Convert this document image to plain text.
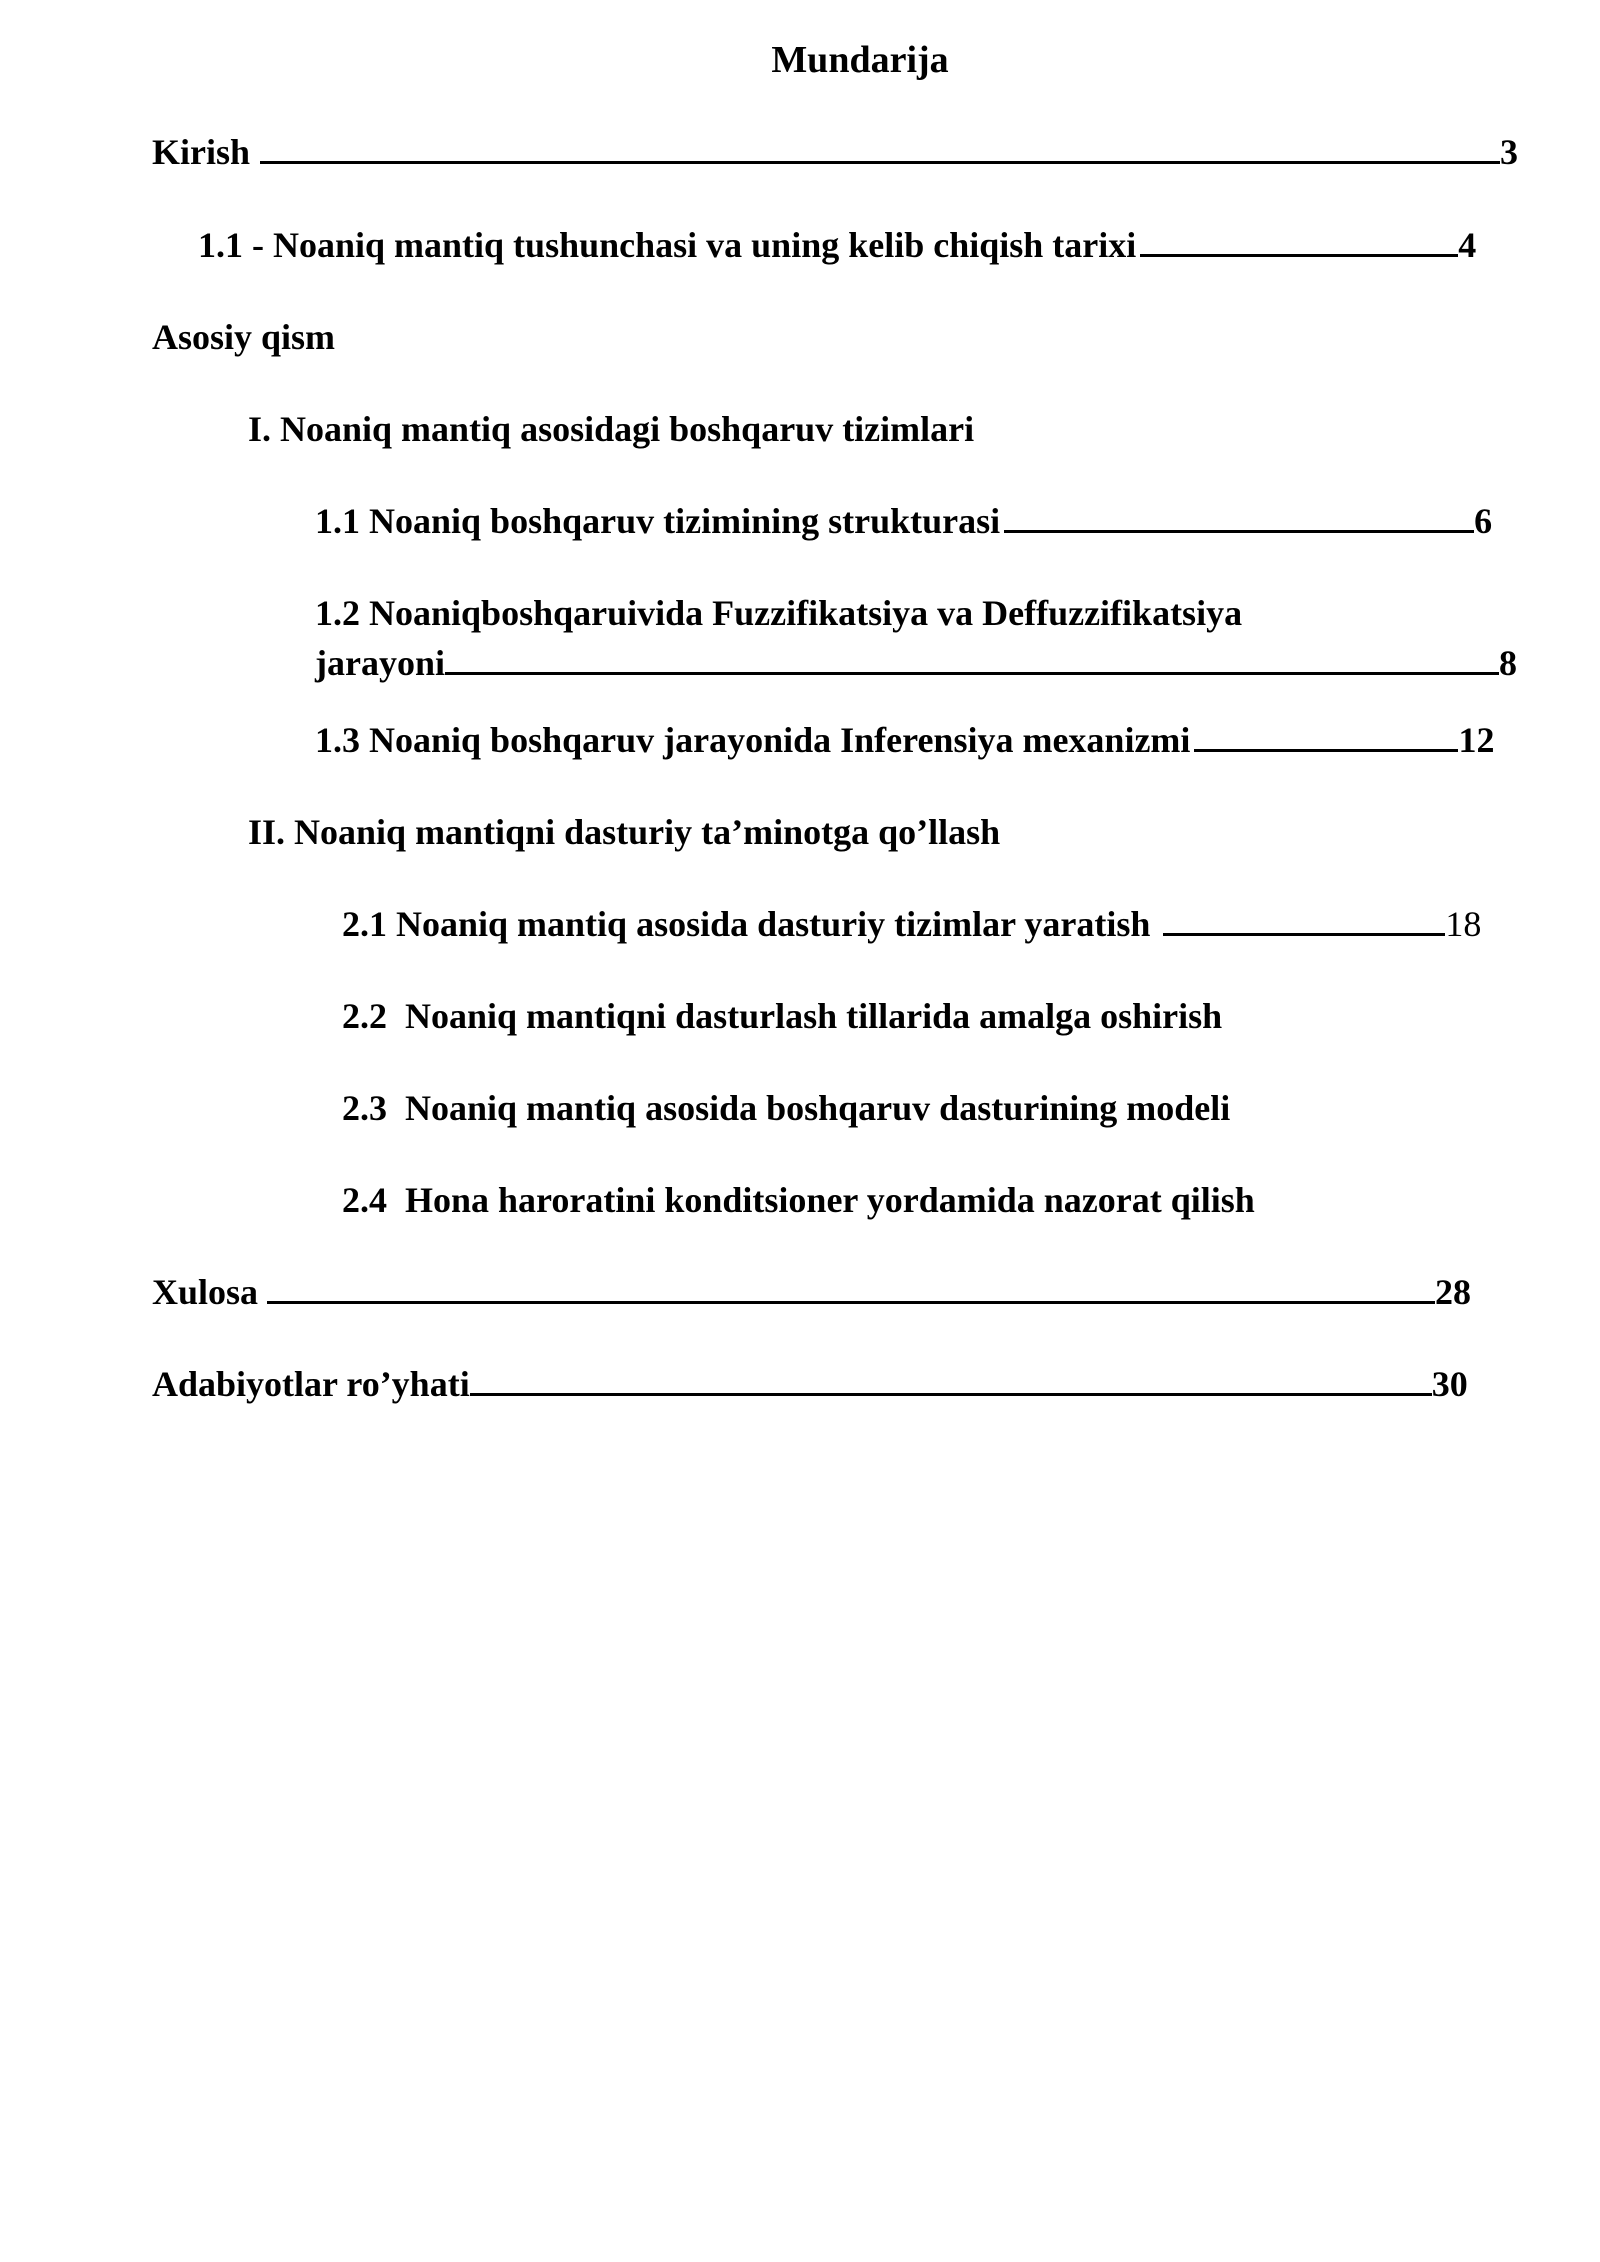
Mundarija
Kirish	3
1.1 - Noaniq mantiq tushunchasi va uning kelib chiqish tarixi	4
Asosiy qism
I. Noaniq mantiq asosidagi boshqaruv tizimlari
1.1 Noaniq boshqaruv tizimining strukturasi	6
1.2 Noaniqboshqaruivida Fuzzifikatsiya va Deffuzzifikatsiya
jarayoni	8
1.3 Noaniq boshqaruv jarayonida Inferensiya mexanizmi	12
II. Noaniq mantiqni dasturiy ta’minotga qo’llash
2.1 Noaniq mantiq asosida dasturiy tizimlar yaratish	18
2.2  Noaniq mantiqni dasturlash tillarida amalga oshirish
2.3  Noaniq mantiq asosida boshqaruv dasturining modeli
2.4  Hona haroratini konditsioner yordamida nazorat qilish
Xulosa	28
Adabiyotlar ro’yhati	30
